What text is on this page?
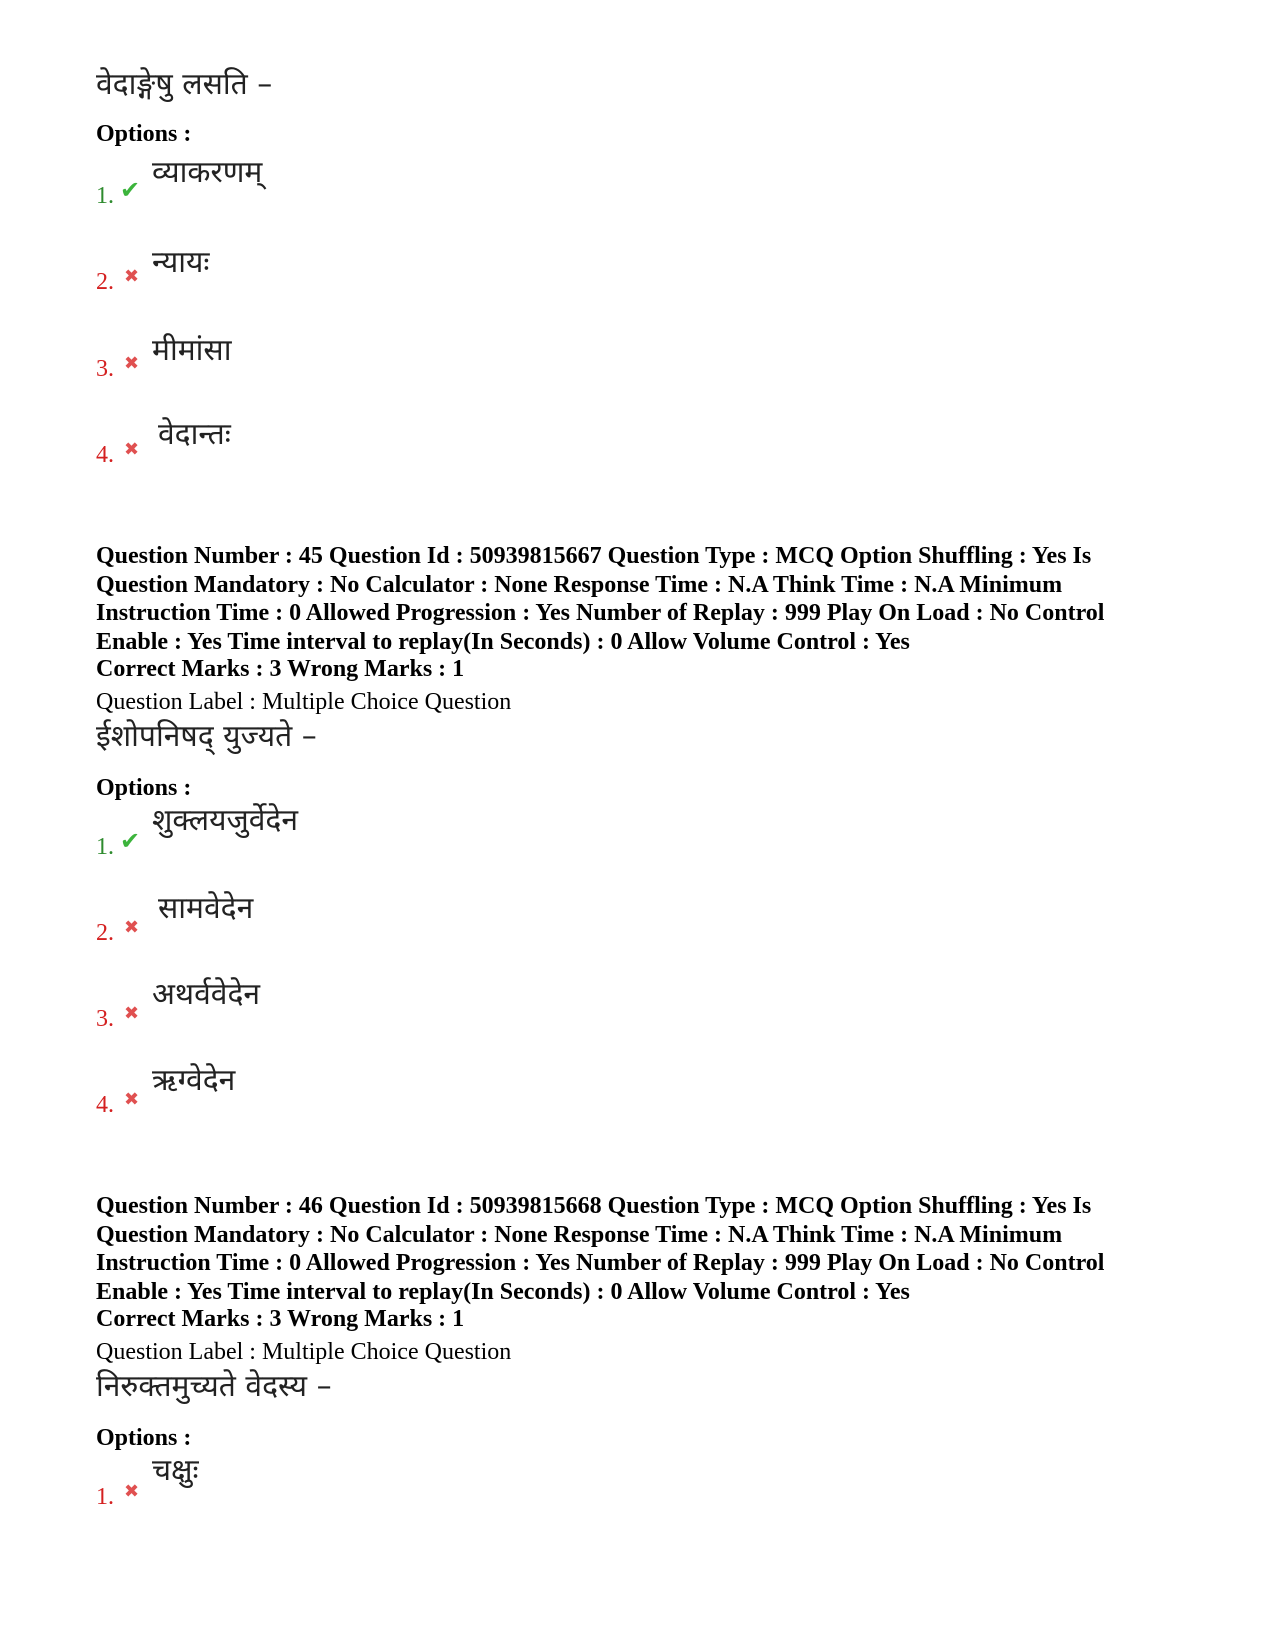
वेदाङ्गेषु लसति –
Options :
1. ✔ व्याकरणम्
2. ✖ न्यायः
3. ✖ मीमांसा
4. ✖ वेदान्तः
Question Number : 45 Question Id : 50939815667 Question Type : MCQ Option Shuffling : Yes Is
Question Mandatory : No Calculator : None Response Time : N.A Think Time : N.A Minimum
Instruction Time : 0 Allowed Progression : Yes Number of Replay : 999 Play On Load : No Control
Enable : Yes Time interval to replay(In Seconds) : 0 Allow Volume Control : Yes
Correct Marks : 3 Wrong Marks : 1
Question Label : Multiple Choice Question
ईशोपनिषद् युज्यते –
Options :
1. ✔
शुक्लयजुर्वेदेन
2. ✖
सामवेदेन
3. ✖
अथर्ववेदेन
4. ✖
ऋग्वेदेन
Question Number : 46 Question Id : 50939815668 Question Type : MCQ Option Shuffling : Yes Is
Question Mandatory : No Calculator : None Response Time : N.A Think Time : N.A Minimum
Instruction Time : 0 Allowed Progression : Yes Number of Replay : 999 Play On Load : No Control
Enable : Yes Time interval to replay(In Seconds) : 0 Allow Volume Control : Yes
Correct Marks : 3 Wrong Marks : 1
Question Label : Multiple Choice Question
निरुक्तमुच्यते वेदस्य –
Options :
1. ✖
चक्षुः
